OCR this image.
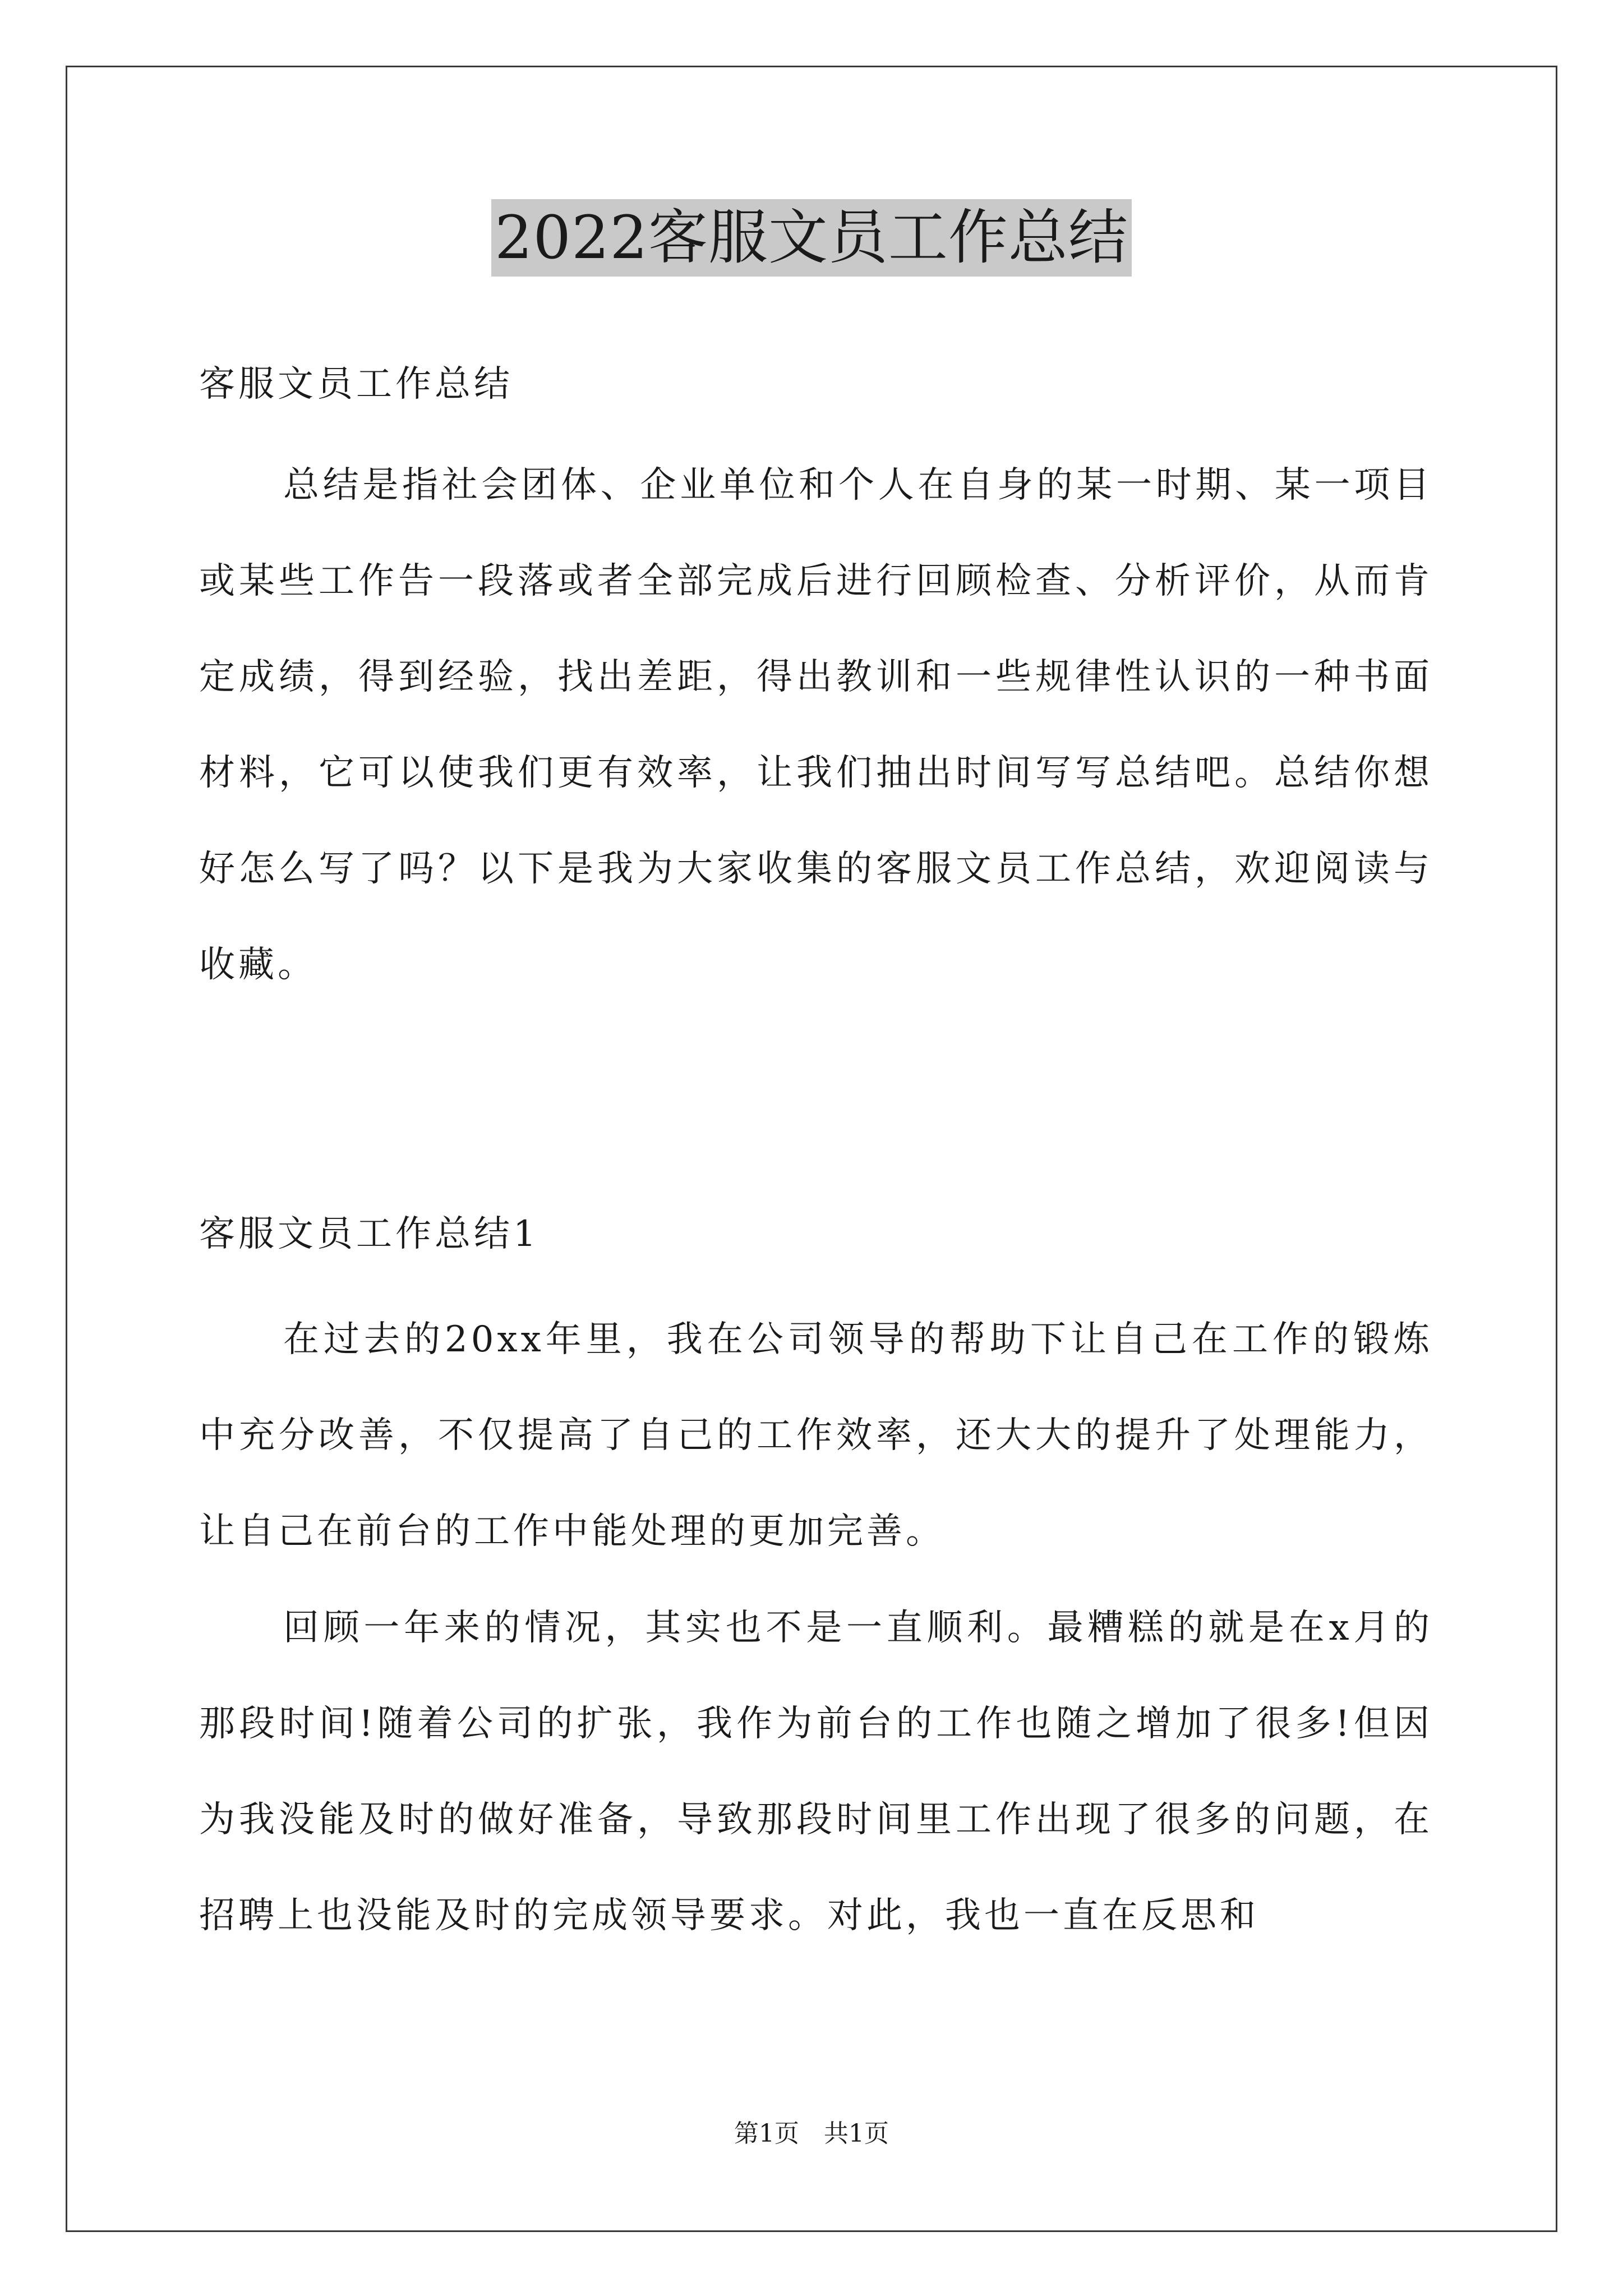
2022客服文员工作总结

客服文员工作总结

总结是指社会团体、企业单位和个人在自身的某一时期、某一项目或某些工作告一段落或者全部完成后进行回顾检查、分析评价，从而肯定成绩，得到经验，找出差距，得出教训和一些规律性认识的一种书面材料，它可以使我们更有效率，让我们抽出时间写写总结吧。总结你想好怎么写了吗？以下是我为大家收集的客服文员工作总结，欢迎阅读与收藏。

客服文员工作总结1

在过去的20xx年里，我在公司领导的帮助下让自己在工作的锻炼中充分改善，不仅提高了自己的工作效率，还大大的提升了处理能力，让自己在前台的工作中能处理的更加完善。

回顾一年来的情况，其实也不是一直顺利。最糟糕的就是在x月的那段时间!随着公司的扩张，我作为前台的工作也随之增加了很多!但因为我没能及时的做好准备，导致那段时间里工作出现了很多的问题，在招聘上也没能及时的完成领导要求。对此，我也一直在反思和

第1页　共1页
